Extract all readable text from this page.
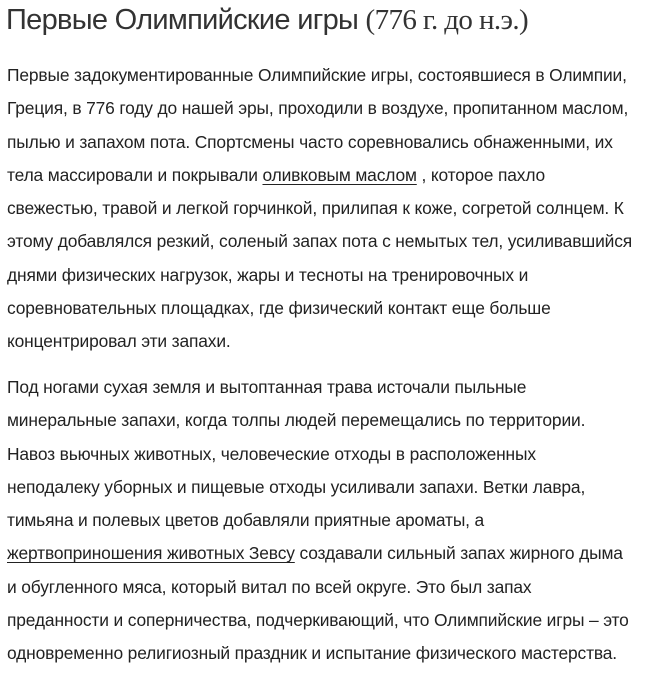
Первые Олимпийские игры (776 г. до н.э.)

Первые задокументированные Олимпийские игры, состоявшиеся в Олимпии,
Греция, в 776 году до нашей эры, проходили в воздухе, пропитанном маслом,
пылью и запахом пота. Спортсмены часто соревновались обнаженными, их
тела массировали и покрывали оливковым маслом , которое пахло
свежестью, травой и легкой горчинкой, прилипая к коже, согретой солнцем. К
этому добавлялся резкий, соленый запах пота с немытых тел, усиливавшийся
днями физических нагрузок, жары и тесноты на тренировочных и
соревновательных площадках, где физический контакт еще больше
концентрировал эти запахи.

Под ногами сухая земля и вытоптанная трава источали пыльные
минеральные запахи, когда толпы людей перемещались по территории.
Навоз вьючных животных, человеческие отходы в расположенных
неподалеку уборных и пищевые отходы усиливали запахи. Ветки лавра,
тимьяна и полевых цветов добавляли приятные ароматы, а
жертвоприношения животных Зевсу создавали сильный запах жирного дыма
и обугленного мяса, который витал по всей округе. Это был запах
преданности и соперничества, подчеркивающий, что Олимпийские игры – это
одновременно религиозный праздник и испытание физического мастерства.
